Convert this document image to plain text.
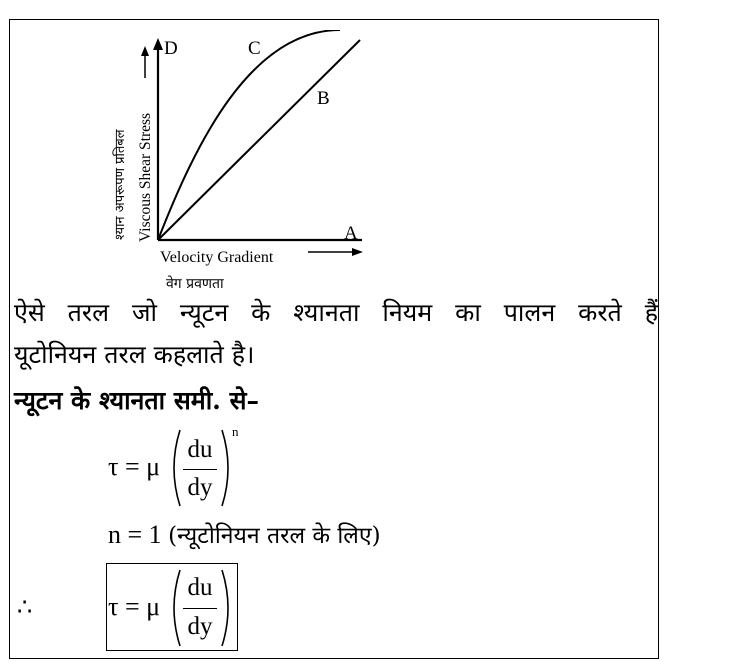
D	C
B
A
श्यान अपरूपण प्रतिबल Viscous Shear Stress
Velocity Gradient
वेग प्रवणता
ऐसे तरल जो न्यूटन के श्यानता नियम का पालन करते हैं
यूटोनियन तरल कहलाते है।
न्यूटन के श्यानता समी. से–
τ = μ
du
dy
n
n = 1 (न्यूटोनियन तरल के लिए)
∴	τ = μ
du
dy
